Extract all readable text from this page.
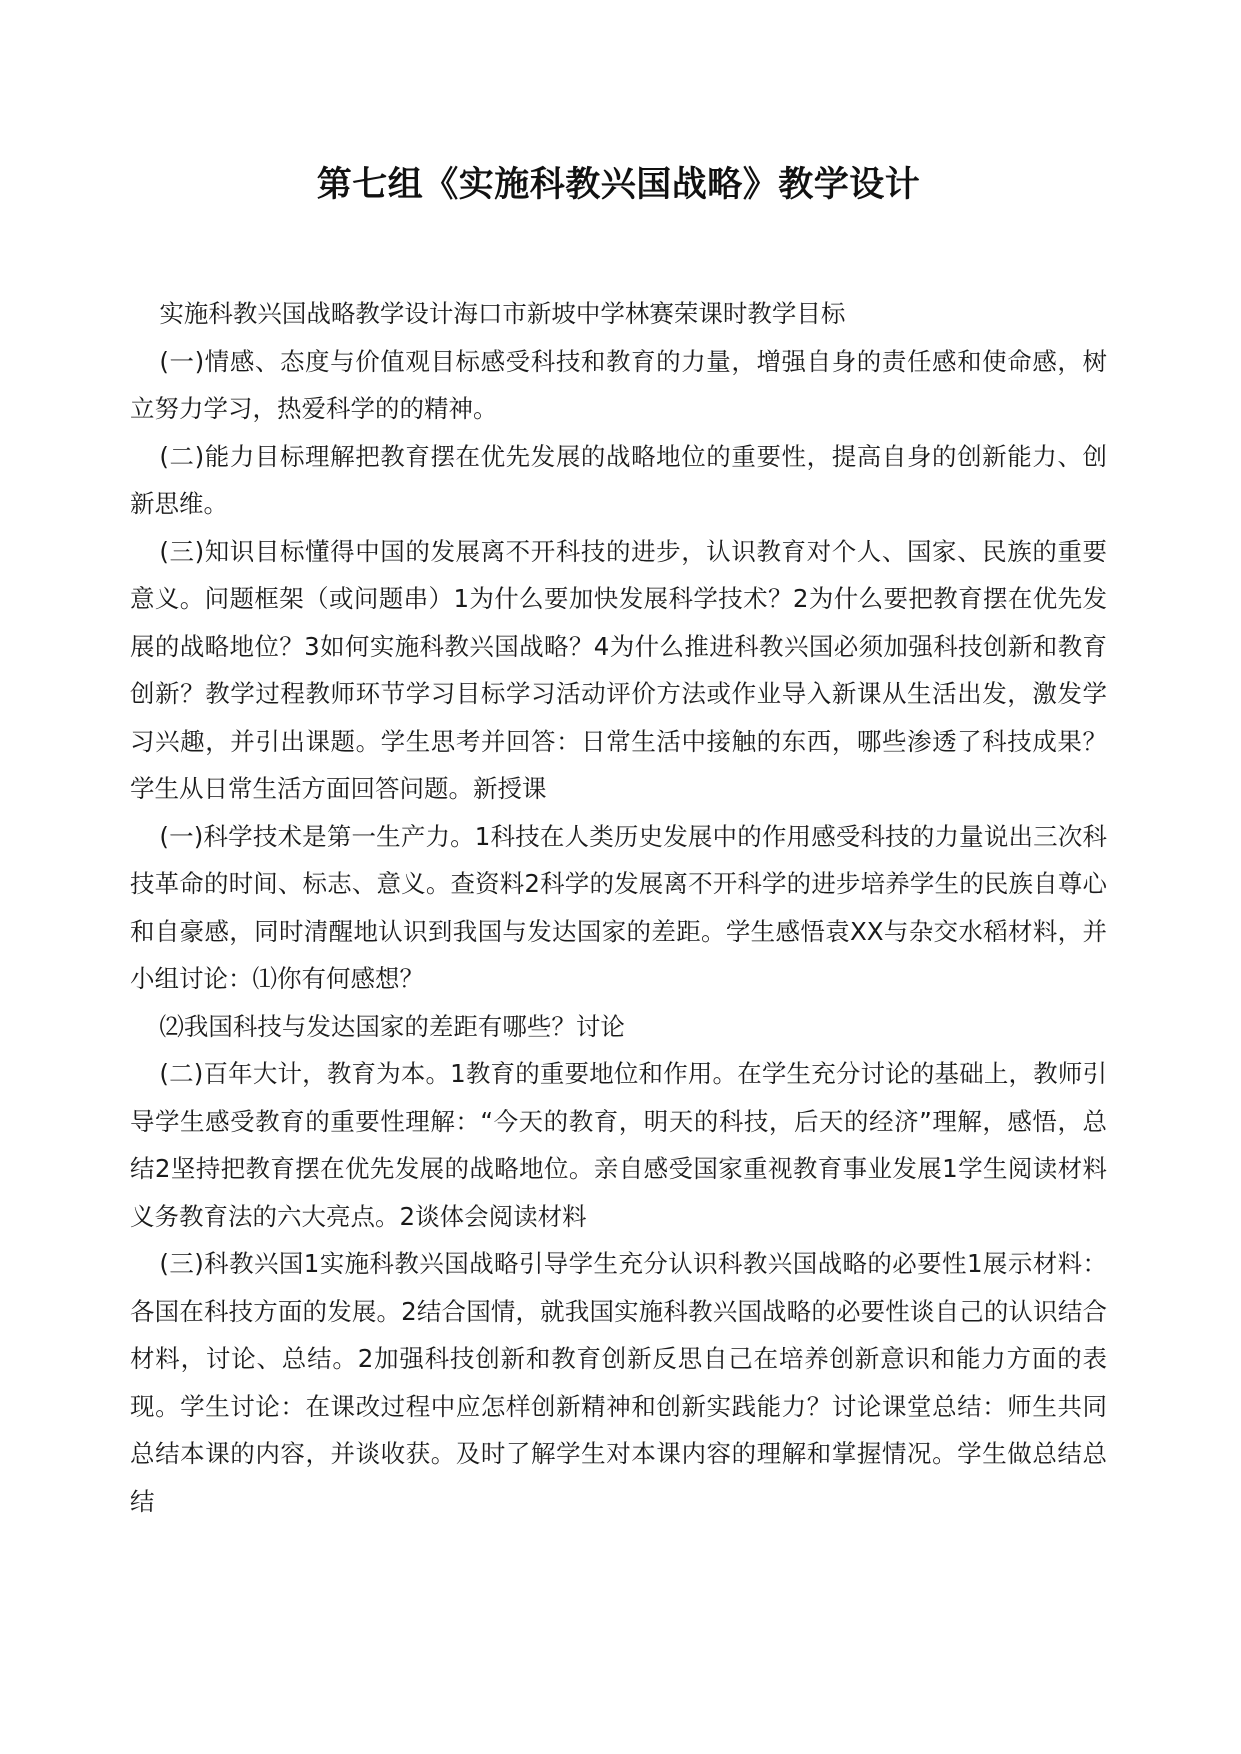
第七组《实施科教兴国战略》教学设计

实施科教兴国战略教学设计海口市新坡中学林赛荣课时教学目标

(一)情感、态度与价值观目标感受科技和教育的力量，增强自身的责任感和使命感，树立努力学习，热爱科学的的精神。

(二)能力目标理解把教育摆在优先发展的战略地位的重要性，提高自身的创新能力、创新思维。

(三)知识目标懂得中国的发展离不开科技的进步，认识教育对个人、国家、民族的重要意义。问题框架（或问题串）1为什么要加快发展科学技术？2为什么要把教育摆在优先发展的战略地位？3如何实施科教兴国战略？4为什么推进科教兴国必须加强科技创新和教育创新？教学过程教师环节学习目标学习活动评价方法或作业导入新课从生活出发，激发学习兴趣，并引出课题。学生思考并回答：日常生活中接触的东西，哪些渗透了科技成果？学生从日常生活方面回答问题。新授课

(一)科学技术是第一生产力。1科技在人类历史发展中的作用感受科技的力量说出三次科技革命的时间、标志、意义。查资料2科学的发展离不开科学的进步培养学生的民族自尊心和自豪感，同时清醒地认识到我国与发达国家的差距。学生感悟袁XX与杂交水稻材料，并小组讨论：⑴你有何感想？

⑵我国科技与发达国家的差距有哪些？讨论

(二)百年大计，教育为本。1教育的重要地位和作用。在学生充分讨论的基础上，教师引导学生感受教育的重要性理解：“今天的教育，明天的科技，后天的经济”理解，感悟，总结2坚持把教育摆在优先发展的战略地位。亲自感受国家重视教育事业发展1学生阅读材料义务教育法的六大亮点。2谈体会阅读材料

(三)科教兴国1实施科教兴国战略引导学生充分认识科教兴国战略的必要性1展示材料：各国在科技方面的发展。2结合国情，就我国实施科教兴国战略的必要性谈自己的认识结合材料，讨论、总结。2加强科技创新和教育创新反思自己在培养创新意识和能力方面的表现。学生讨论：在课改过程中应怎样创新精神和创新实践能力？讨论课堂总结：师生共同总结本课的内容，并谈收获。及时了解学生对本课内容的理解和掌握情况。学生做总结总结
